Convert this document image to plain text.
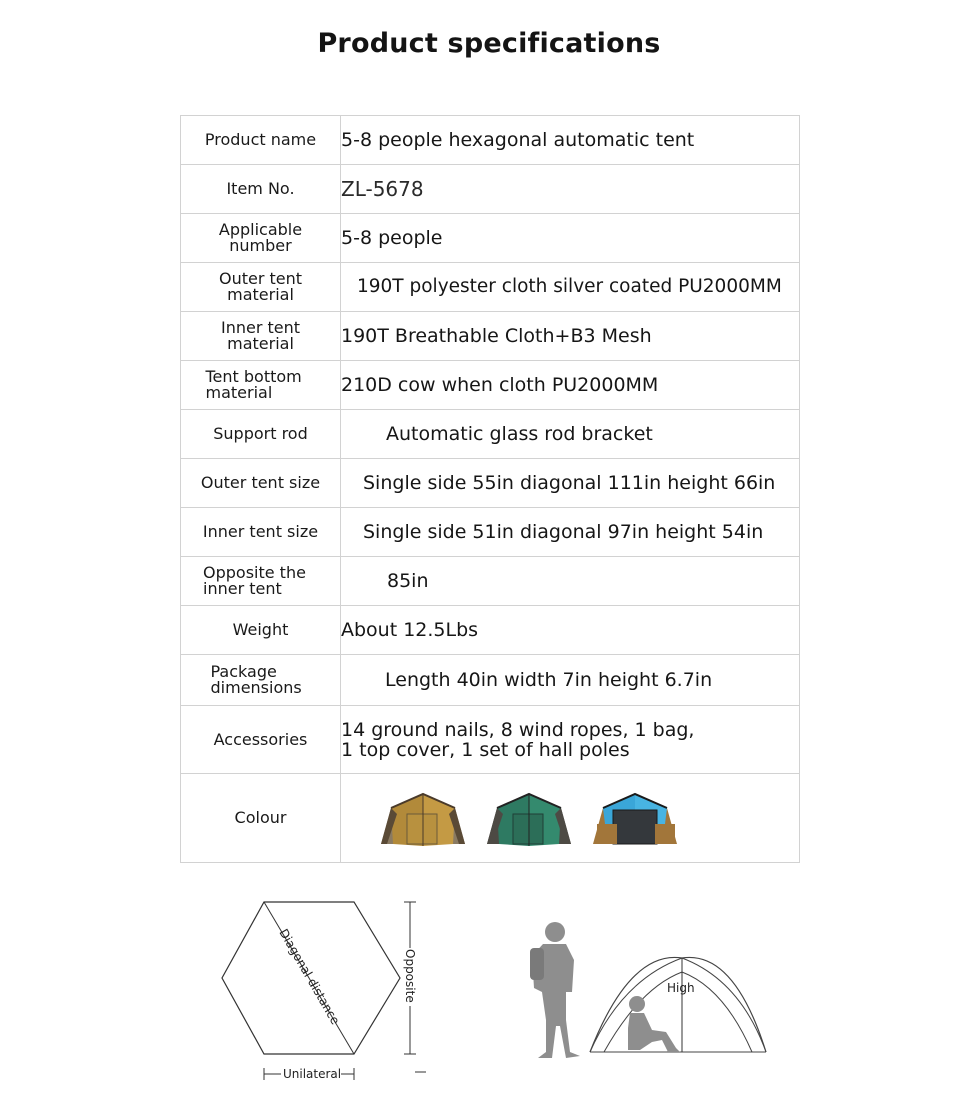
Product specifications
Product name	5-8 people hexagonal automatic tent
Item No.	ZL-5678
Applicable number	5-8 people
Outer tent material	190T polyester cloth silver coated PU2000MM
Inner tent material	190T Breathable Cloth+B3 Mesh
Tent bottom material	210D cow when cloth PU2000MM
Support rod	Automatic glass rod bracket
Outer tent size	Single side 55in diagonal 111in height 66in
Inner tent size	Single side 51in diagonal 97in height 54in
Opposite the inner tent	85in
Weight	About 12.5Lbs
Package dimensions	Length 40in width 7in height 6.7in
Accessories	14 ground nails, 8 wind ropes, 1 bag,
1 top cover, 1 set of hall poles

Colour	
Diagonal distance	Opposite
Unilateral
High
